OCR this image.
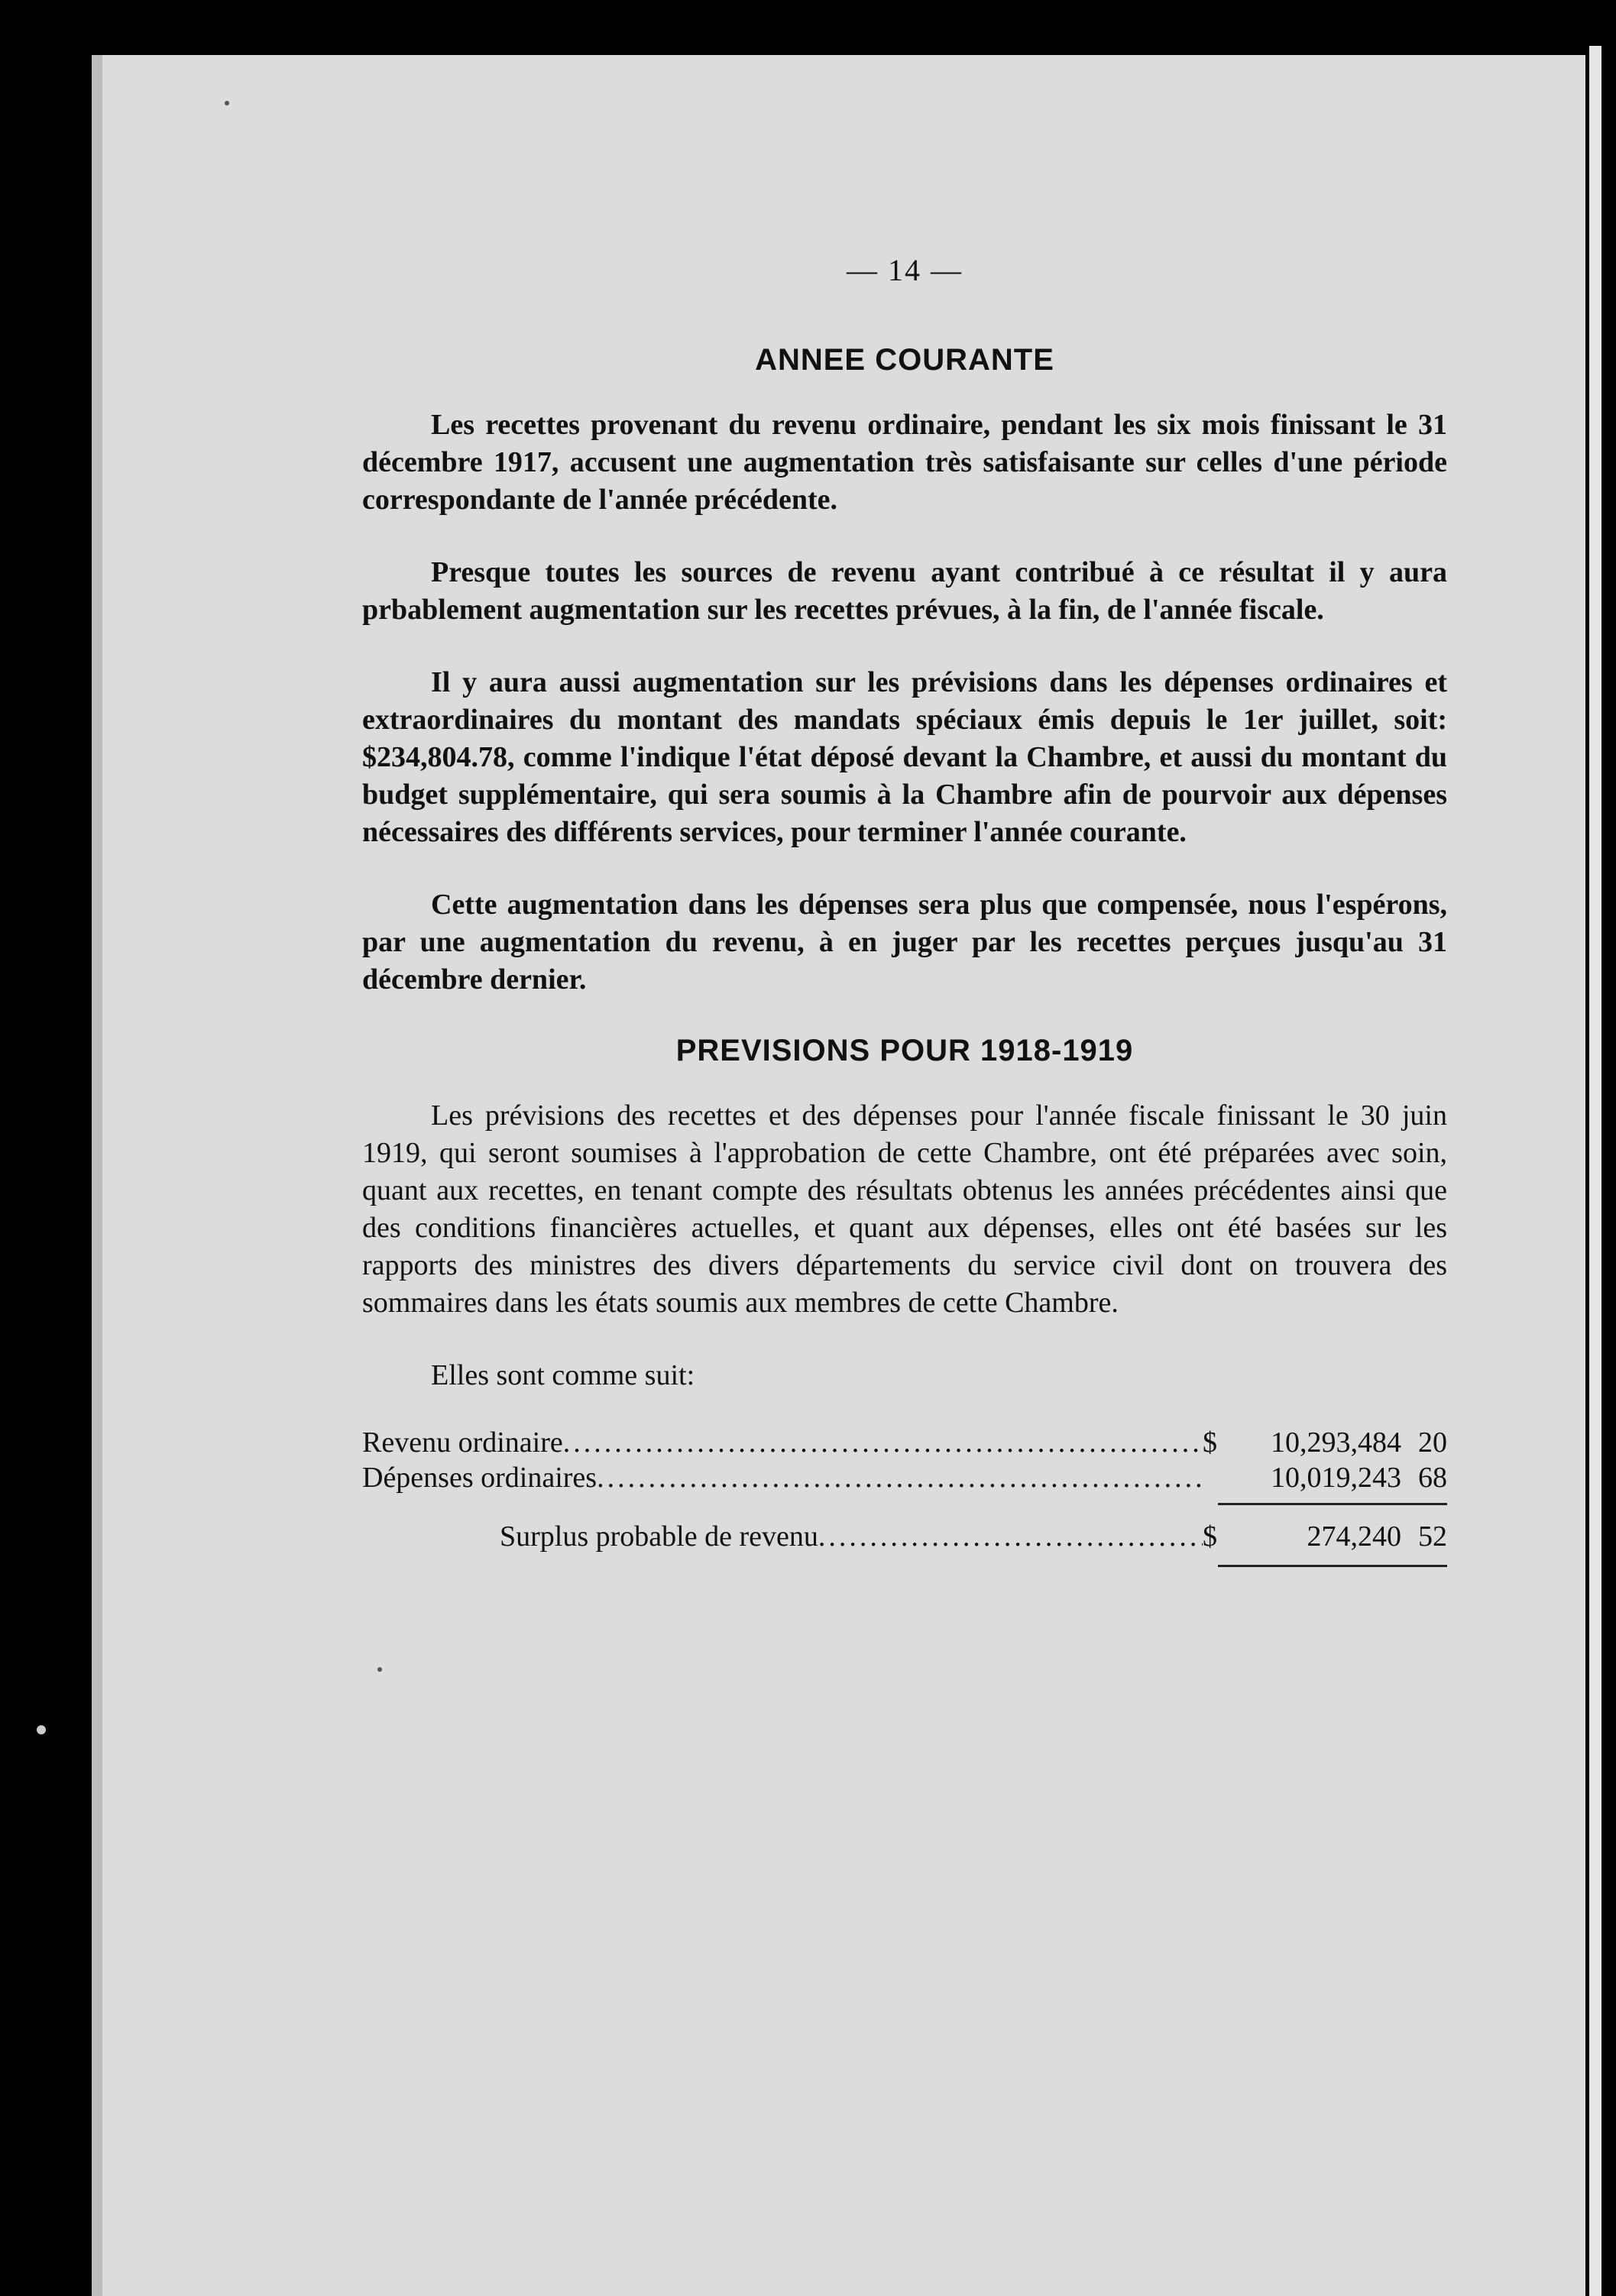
— 14 —
ANNEE COURANTE

Les recettes provenant du revenu ordinaire, pendant les six mois finissant le 31 décembre 1917, accusent une augmentation très satisfaisante sur celles d'une période correspondante de l'année précédente.

Presque toutes les sources de revenu ayant contribué à ce résultat il y aura prbablement augmentation sur les recettes prévues, à la fin, de l'année fiscale.

Il y aura aussi augmentation sur les prévisions dans les dépenses ordinaires et extraordinaires du montant des mandats spéciaux émis depuis le 1er juillet, soit: $234,804.78, comme l'indique l'état déposé devant la Chambre, et aussi du montant du budget supplémentaire, qui sera soumis à la Chambre afin de pourvoir aux dépenses nécessaires des différents services, pour terminer l'année courante.

Cette augmentation dans les dépenses sera plus que compensée, nous l'espérons, par une augmentation du revenu, à en juger par les recettes perçues jusqu'au 31 décembre dernier.

PREVISIONS POUR 1918-1919

Les prévisions des recettes et des dépenses pour l'année fiscale finissant le 30 juin 1919, qui seront soumises à l'approbation de cette Chambre, ont été préparées avec soin, quant aux recettes, en tenant compte des résultats obtenus les années précédentes ainsi que des conditions financières actuelles, et quant aux dépenses, elles ont été basées sur les rapports des ministres des divers départements du service civil dont on trouvera des sommaires dans les états soumis aux membres de cette Chambre.

Elles sont comme suit:

Revenu ordinaire .....	$	10,293,484 20
Dépenses ordinaires .....	10,019,243 68
Surplus probable de revenu .....	$	274,240 52
